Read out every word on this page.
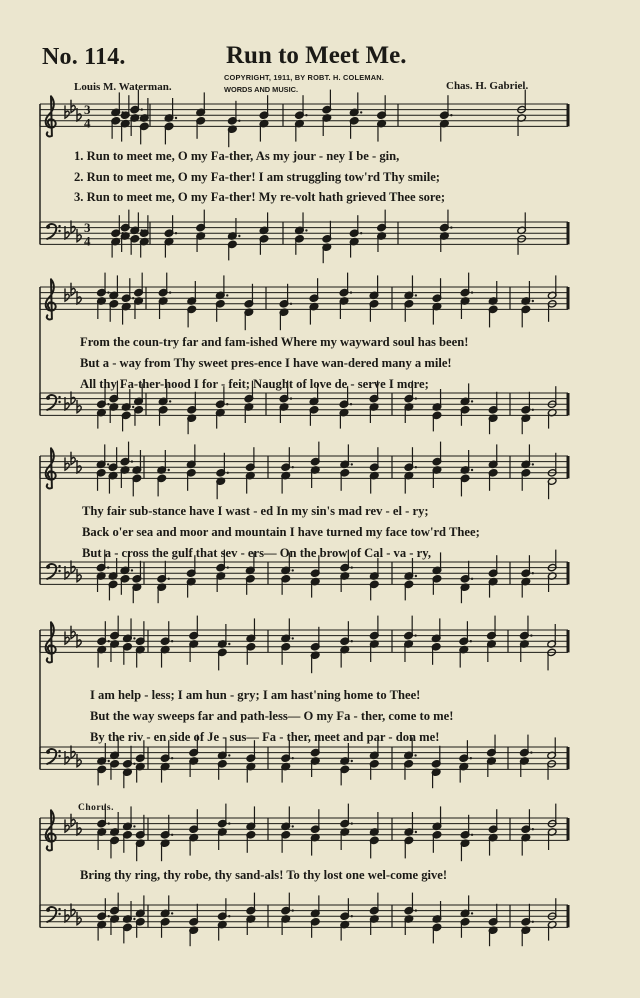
No. 114.	Run to Meet Me.
COPYRIGHT, 1911, BY ROBT. H. COLEMAN.
WORDS AND MUSIC.
Louis M. Waterman.	Chas. H. Gabriel.
3
4
3
4
1. Run to meet me, O my Fa-ther, As my jour - ney I be - gin,
2. Run to meet me, O my Fa-ther! I am struggling tow'rd Thy smile;
3. Run to meet me, O my Fa-ther! My re-volt hath grieved Thee sore;
From the coun-try far and fam-ished Where my wayward soul has been!
But a - way from Thy sweet pres-ence I have wan-dered many a mile!
All thy Fa-ther-hood I for - feit; Naught of love de - serve I more;
Thy fair sub-stance have I wast - ed In my sin's mad rev - el - ry;
Back o'er sea and moor and mountain I have turned my face tow'rd Thee;
But a - cross the gulf that sev - ers— On the brow of Cal - va - ry,
I am help - less; I am hun - gry; I am hast'ning home to Thee!
But the way sweeps far and path-less— O my Fa - ther, come to me!
By the riv - en side of Je - sus— Fa - ther, meet and par - don me!
Chorus.
Bring thy ring, thy robe, thy sand-als! To thy lost one wel-come give!
